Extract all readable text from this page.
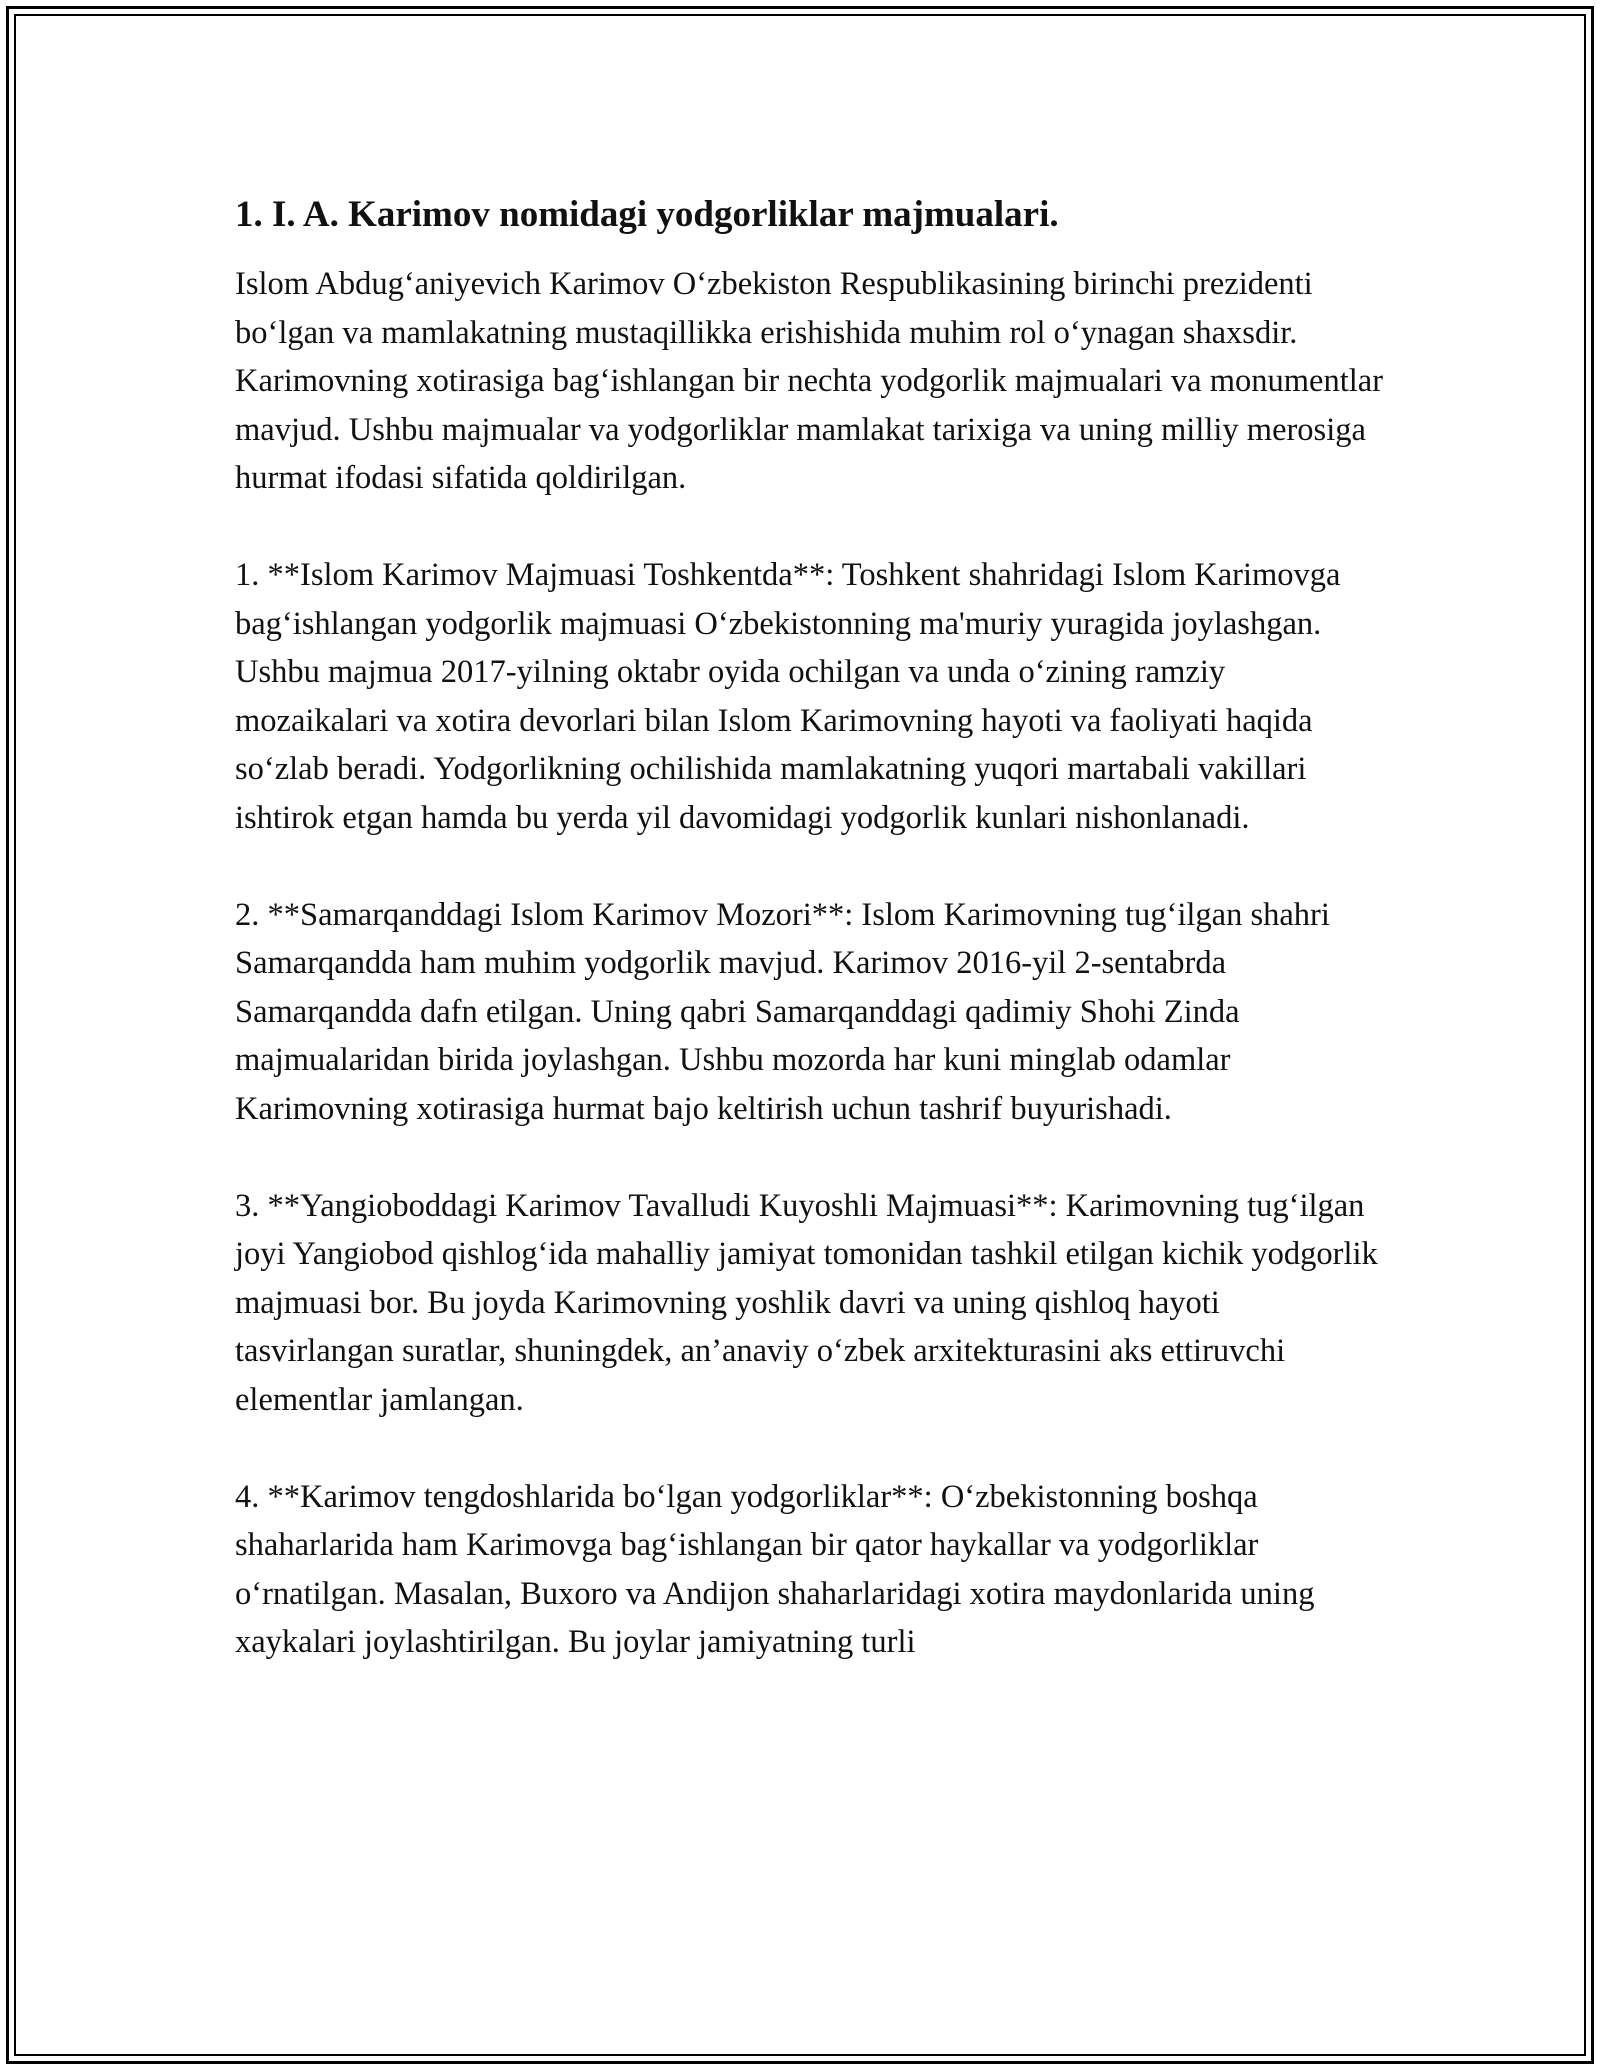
1. I. A. Karimov nomidagi yodgorliklar majmualari.

Islom Abdug‘aniyevich Karimov O‘zbekiston Respublikasining birinchi prezidenti bo‘lgan va mamlakatning mustaqillikka erishishida muhim rol o‘ynagan shaxsdir. Karimovning xotirasiga bag‘ishlangan bir nechta yodgorlik majmualari va monumentlar mavjud. Ushbu majmualar va yodgorliklar mamlakat tarixiga va uning milliy merosiga hurmat ifodasi sifatida qoldirilgan.

1. **Islom Karimov Majmuasi Toshkentda**: Toshkent shahridagi Islom Karimovga bag‘ishlangan yodgorlik majmuasi O‘zbekistonning ma'muriy yuragida joylashgan. Ushbu majmua 2017-yilning oktabr oyida ochilgan va unda o‘zining ramziy mozaikalari va xotira devorlari bilan Islom Karimovning hayoti va faoliyati haqida so‘zlab beradi. Yodgorlikning ochilishida mamlakatning yuqori martabali vakillari ishtirok etgan hamda bu yerda yil davomidagi yodgorlik kunlari nishonlanadi.

2. **Samarqanddagi Islom Karimov Mozori**: Islom Karimovning tug‘ilgan shahri Samarqandda ham muhim yodgorlik mavjud. Karimov 2016-yil 2-sentabrda Samarqandda dafn etilgan. Uning qabri Samarqanddagi qadimiy Shohi Zinda majmualaridan birida joylashgan. Ushbu mozorda har kuni minglab odamlar Karimovning xotirasiga hurmat bajo keltirish uchun tashrif buyurishadi.

3. **Yangioboddagi Karimov Tavalludi Kuyoshli Majmuasi**: Karimovning tug‘ilgan joyi Yangiobod qishlog‘ida mahalliy jamiyat tomonidan tashkil etilgan kichik yodgorlik majmuasi bor. Bu joyda Karimovning yoshlik davri va uning qishloq hayoti tasvirlangan suratlar, shuningdek, an’anaviy o‘zbek arxitekturasini aks ettiruvchi elementlar jamlangan.

4. **Karimov tengdoshlarida bo‘lgan yodgorliklar**: O‘zbekistonning boshqa shaharlarida ham Karimovga bag‘ishlangan bir qator haykallar va yodgorliklar o‘rnatilgan. Masalan, Buxoro va Andijon shaharlaridagi xotira maydonlarida uning xaykalari joylashtirilgan. Bu joylar jamiyatning turli
